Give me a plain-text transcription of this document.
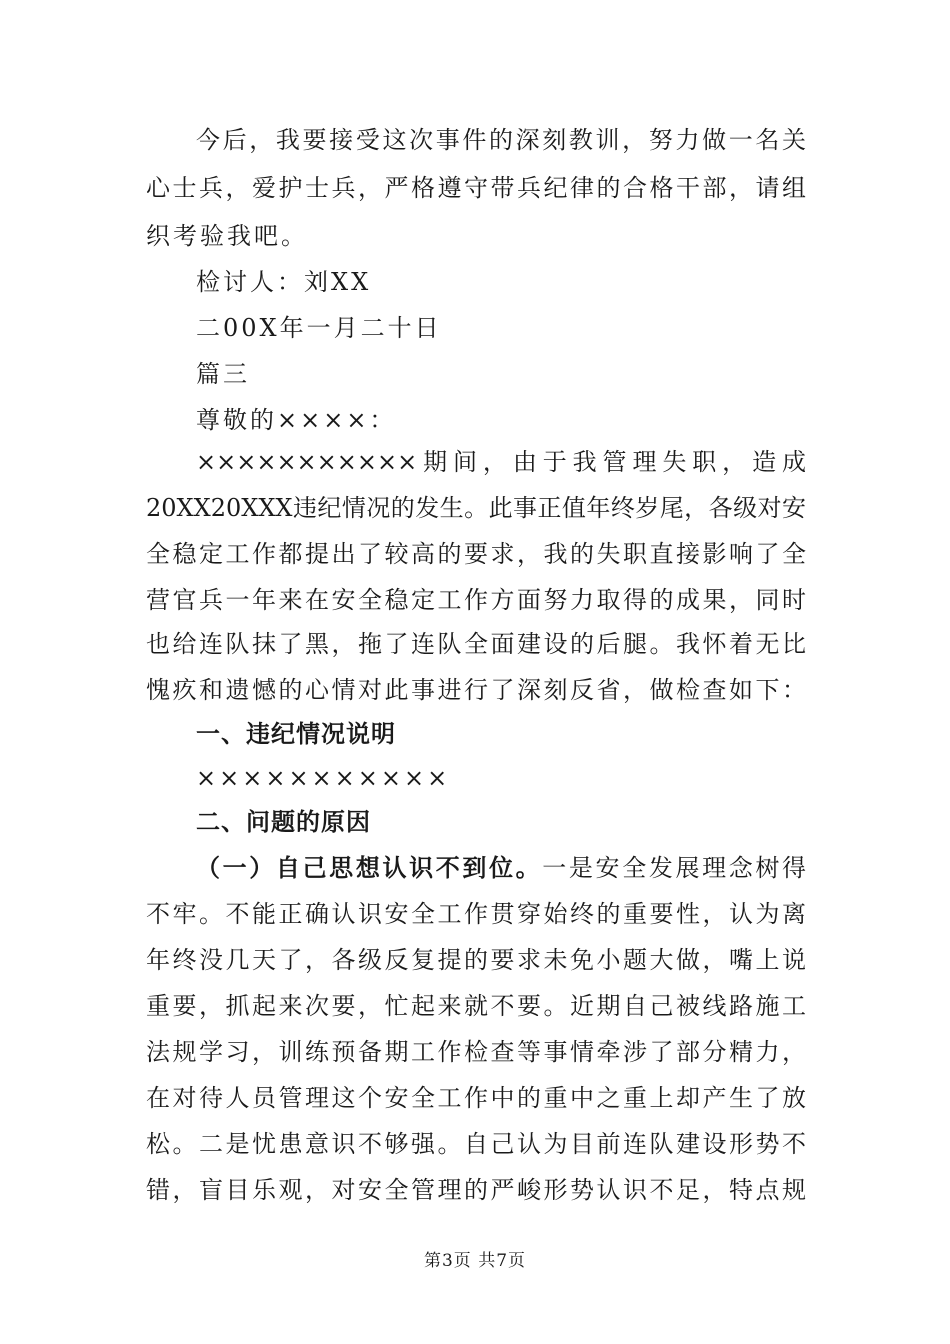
今后，我要接受这次事件的深刻教训，努力做一名关
心士兵，爱护士兵，严格遵守带兵纪律的合格干部，请组
织考验我吧。
检讨人：刘XX
二00X年一月二十日
篇三
尊敬的××××：
×××××××××××期间，由于我管理失职，造成
20XX20XXX违纪情况的发生。此事正值年终岁尾，各级对安
全稳定工作都提出了较高的要求，我的失职直接影响了全
营官兵一年来在安全稳定工作方面努力取得的成果，同时
也给连队抹了黑，拖了连队全面建设的后腿。我怀着无比
愧疚和遗憾的心情对此事进行了深刻反省，做检查如下：
一、违纪情况说明
×××××××××××
二、问题的原因
（一）自己思想认识不到位。一是安全发展理念树得
不牢。不能正确认识安全工作贯穿始终的重要性，认为离
年终没几天了，各级反复提的要求未免小题大做，嘴上说
重要，抓起来次要，忙起来就不要。近期自己被线路施工
法规学习，训练预备期工作检查等事情牵涉了部分精力，
在对待人员管理这个安全工作中的重中之重上却产生了放
松。二是忧患意识不够强。自己认为目前连队建设形势不
错，盲目乐观，对安全管理的严峻形势认识不足，特点规
第3页 共7页
